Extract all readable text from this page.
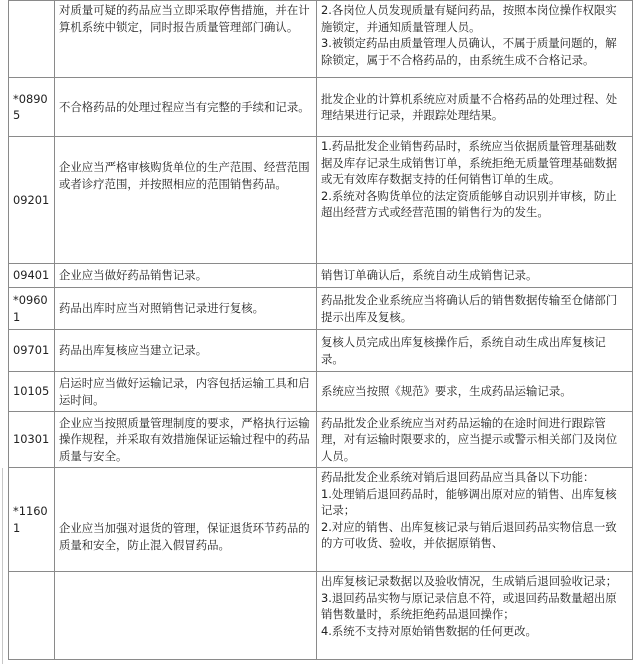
	对质量可疑的药品应当立即采取停售措施，并在计算机系统中锁定，同时报告质量管理部门确认。	2.各岗位人员发现质量有疑问药品，按照本岗位操作权限实施锁定，并通知质量管理人员。

3.被锁定药品由质量管理人员确认，不属于质量问题的，解除锁定，属于不合格药品的，由系统生成不合格记录。

*08905	不合格药品的处理过程应当有完整的手续和记录。	批发企业的计算机系统应对质量不合格药品的处理过程、处理结果进行记录，并跟踪处理结果。

09201	企业应当严格审核购货单位的生产范围、经营范围或者诊疗范围，并按照相应的范围销售药品。	1.药品批发企业销售药品时，系统应当依据质量管理基础数据及库存记录生成销售订单，系统拒绝无质量管理基础数据或无有效库存数据支持的任何销售订单的生成。

2.系统对各购货单位的法定资质能够自动识别并审核，防止超出经营方式或经营范围的销售行为的发生。

09401	企业应当做好药品销售记录。	销售订单确认后，系统自动生成销售记录。

*09601	药品出库时应当对照销售记录进行复核。	药品批发企业系统应当将确认后的销售数据传输至仓储部门提示出库及复核。

09701	药品出库复核应当建立记录。	复核人员完成出库复核操作后，系统自动生成出库复核记录。

10105	启运时应当做好运输记录，内容包括运输工具和启运时间。	系统应当按照《规范》要求，生成药品运输记录。

10301	企业应当按照质量管理制度的要求，严格执行运输操作规程，并采取有效措施保证运输过程中的药品质量与安全。	药品批发企业系统应当对药品运输的在途时间进行跟踪管理，对有运输时限要求的，应当提示或警示相关部门及岗位人员。

*11601	企业应当加强对退货的管理，保证退货环节药品的质量和安全，防止混入假冒药品。	药品批发企业系统对销后退回药品应当具备以下功能：

1.处理销后退回药品时，能够调出原对应的销售、出库复核记录；

2.对应的销售、出库复核记录与销后退回药品实物信息一致的方可收货、验收，并依据原销售、

		出库复核记录数据以及验收情况，生成销后退回验收记录；

3.退回药品实物与原记录信息不符，或退回药品数量超出原销售数量时，系统拒绝药品退回操作；

4.系统不支持对原始销售数据的任何更改。
